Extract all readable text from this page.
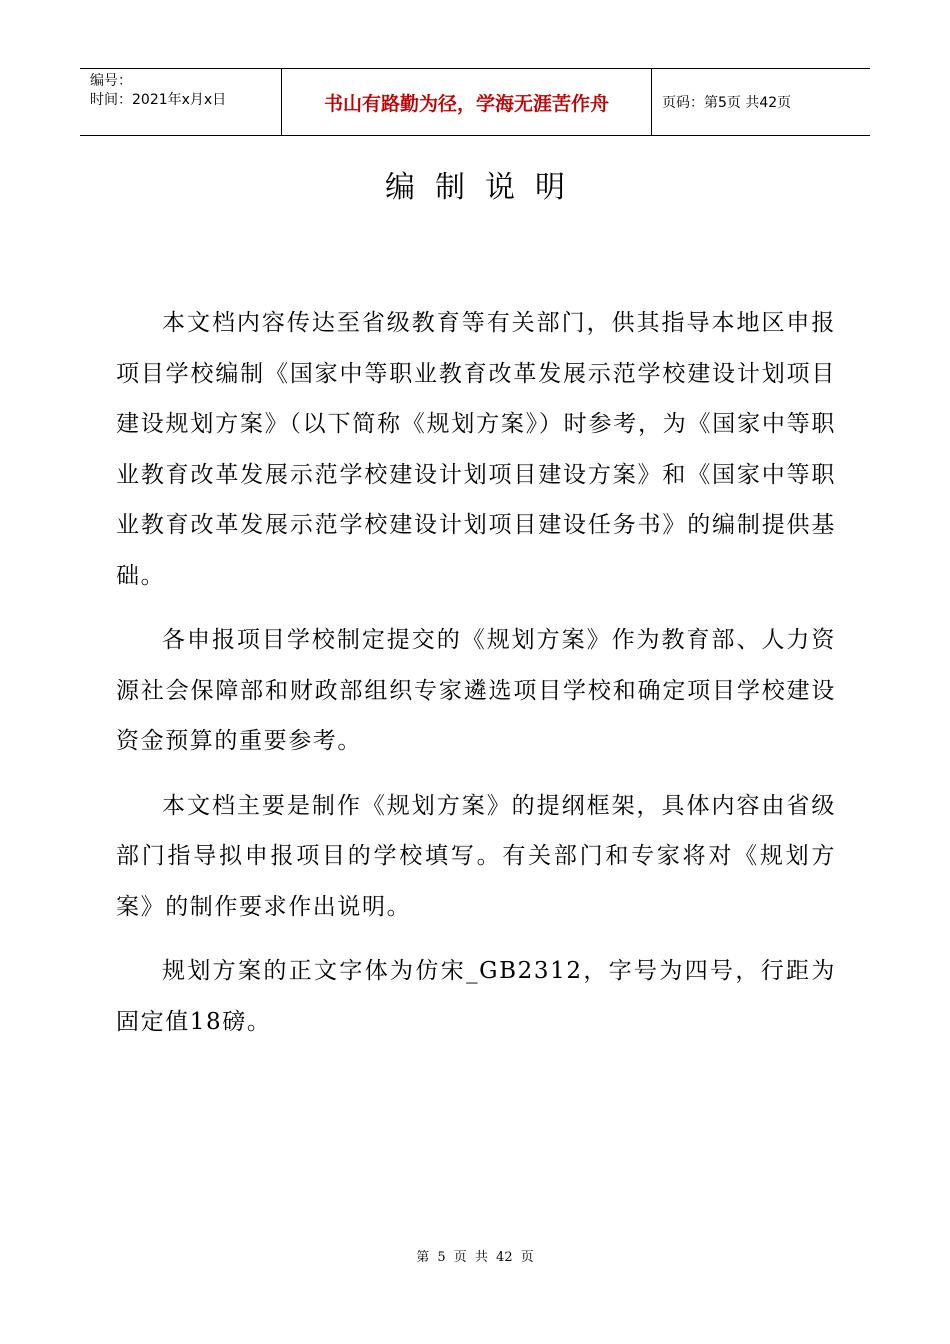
编号：
时间：2021年x月x日	书山有路勤为径，学海无涯苦作舟	页码：第5页 共42页
编制说明

本文档内容传达至省级教育等有关部门，供其指导本地区申报项目学校编制《国家中等职业教育改革发展示范学校建设计划项目建设规划方案》（以下简称《规划方案》）时参考，为《国家中等职业教育改革发展示范学校建设计划项目建设方案》和《国家中等职业教育改革发展示范学校建设计划项目建设任务书》的编制提供基础。

各申报项目学校制定提交的《规划方案》作为教育部、人力资源社会保障部和财政部组织专家遴选项目学校和确定项目学校建设资金预算的重要参考。

本文档主要是制作《规划方案》的提纲框架，具体内容由省级部门指导拟申报项目的学校填写。有关部门和专家将对《规划方案》的制作要求作出说明。

规划方案的正文字体为仿宋_GB2312，字号为四号，行距为固定值18磅。

第 5 页 共 42 页
